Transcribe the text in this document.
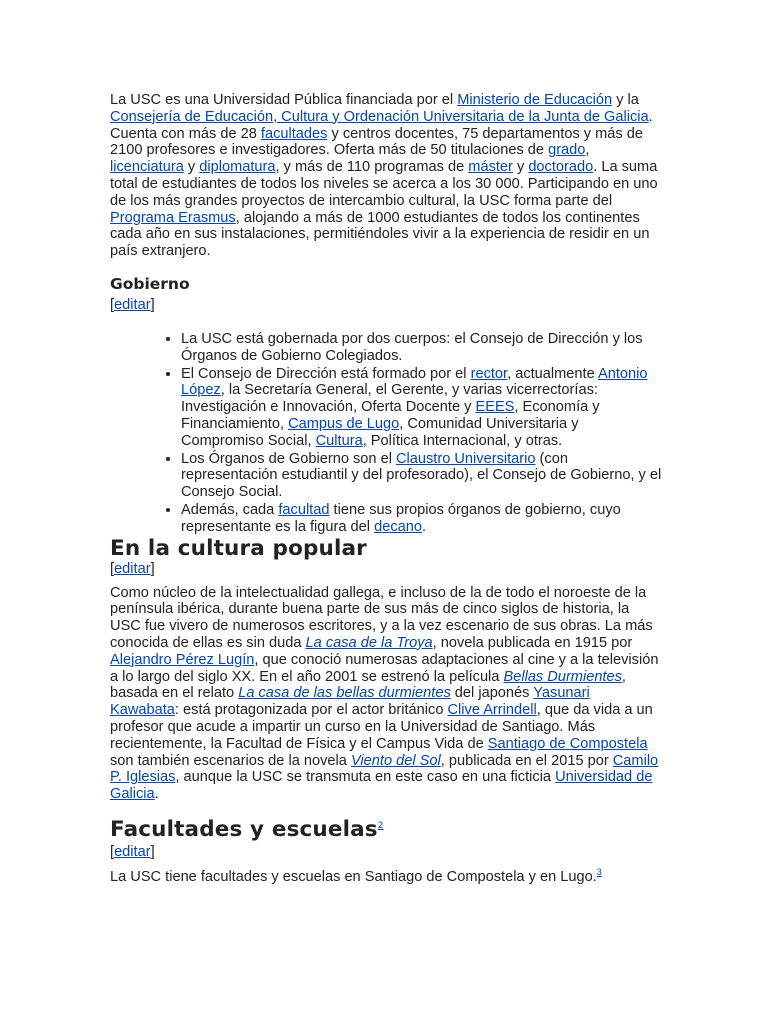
La USC es una Universidad Pública financiada por el Ministerio de Educación y la Consejería de Educación, Cultura y Ordenación Universitaria de la Junta de Galicia. Cuenta con más de 28 facultades y centros docentes, 75 departamentos y más de 2100 profesores e investigadores. Oferta más de 50 titulaciones de grado, licenciatura y diplomatura, y más de 110 programas de máster y doctorado. La suma total de estudiantes de todos los niveles se acerca a los 30 000. Participando en uno de los más grandes proyectos de intercambio cultural, la USC forma parte del Programa Erasmus, alojando a más de 1000 estudiantes de todos los continentes cada año en sus instalaciones, permitiéndoles vivir a la experiencia de residir en un país extranjero.

Gobierno

[editar]

• La USC está gobernada por dos cuerpos: el Consejo de Dirección y los Órganos de Gobierno Colegiados.
• El Consejo de Dirección está formado por el rector, actualmente Antonio López, la Secretaría General, el Gerente, y varias vicerrectorías: Investigación e Innovación, Oferta Docente y EEES, Economía y Financiamiento, Campus de Lugo, Comunidad Universitaria y Compromiso Social, Cultura, Política Internacional, y otras.
• Los Órganos de Gobierno son el Claustro Universitario (con representación estudiantil y del profesorado), el Consejo de Gobierno, y el Consejo Social.
• Además, cada facultad tiene sus propios órganos de gobierno, cuyo representante es la figura del decano.
En la cultura popular

[editar]

Como núcleo de la intelectualidad gallega, e incluso de la de todo el noroeste de la península ibérica, durante buena parte de sus más de cinco siglos de historia, la USC fue vivero de numerosos escritores, y a la vez escenario de sus obras. La más conocida de ellas es sin duda La casa de la Troya, novela publicada en 1915 por Alejandro Pérez Lugín, que conoció numerosas adaptaciones al cine y a la televisión a lo largo del siglo XX. En el año 2001 se estrenó la película Bellas Durmientes, basada en el relato La casa de las bellas durmientes del japonés Yasunari Kawabata: está protagonizada por el actor británico Clive Arrindell, que da vida a un profesor que acude a impartir un curso en la Universidad de Santiago. Más recientemente, la Facultad de Física y el Campus Vida de Santiago de Compostela son también escenarios de la novela Viento del Sol, publicada en el 2015 por Camilo P. Iglesias, aunque la USC se transmuta en este caso en una ficticia Universidad de Galicia.

Facultades y escuelas$^2$

[editar]

La USC tiene facultades y escuelas en Santiago de Compostela y en Lugo.$^3$
